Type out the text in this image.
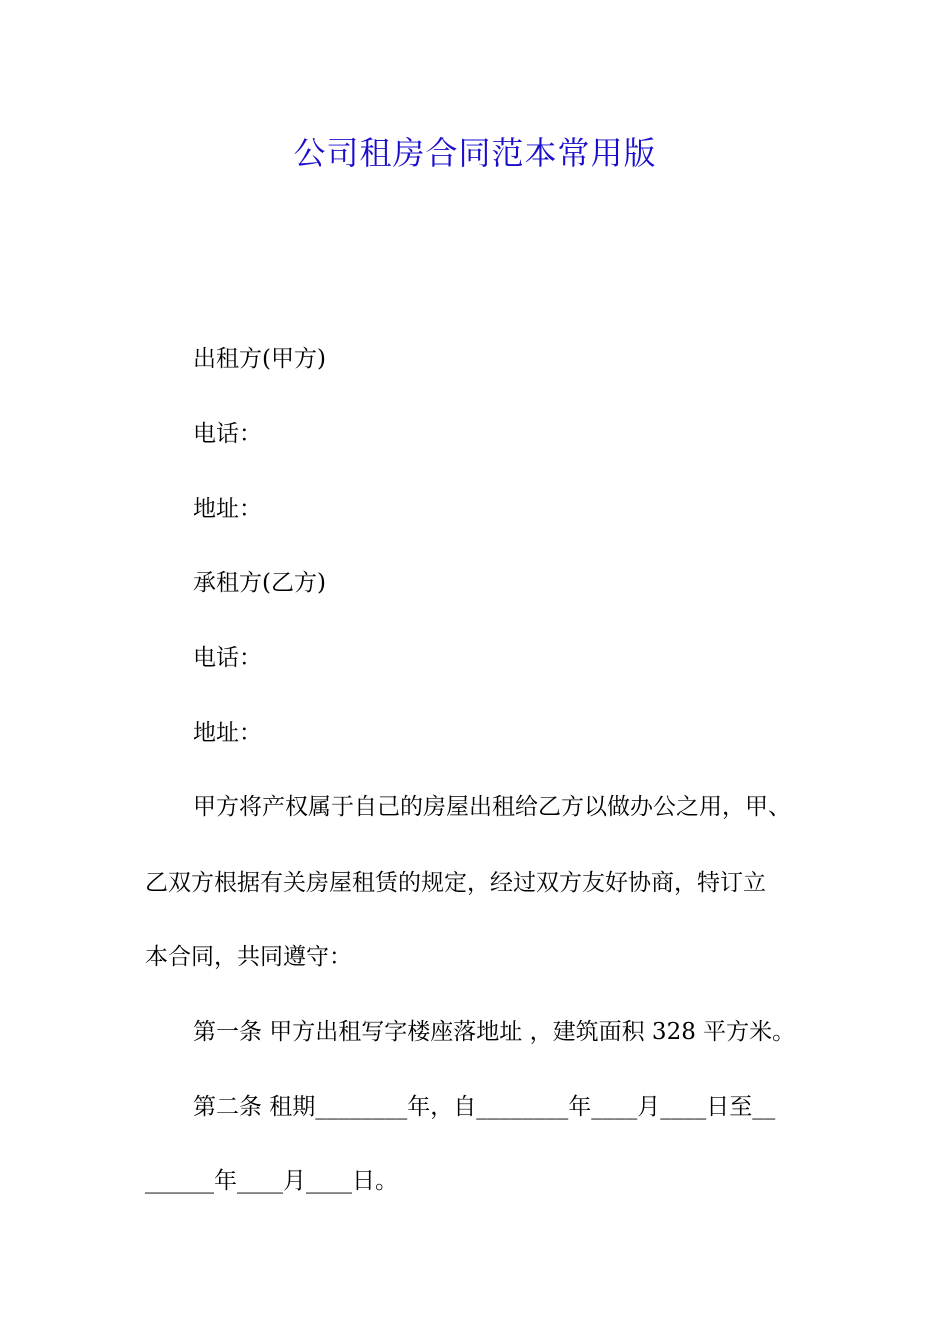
公司租房合同范本常用版
出租方(甲方)
电话：
地址：
承租方(乙方)
电话：
地址：
甲方将产权属于自己的房屋出租给乙方以做办公之用，甲、
乙双方根据有关房屋租赁的规定，经过双方友好协商，特订立
本合同，共同遵守：
第一条 甲方出租写字楼座落地址 ，建筑面积 328 平方米。
第二条 租期________年，自________年____月____日至__
______年____月____日。
